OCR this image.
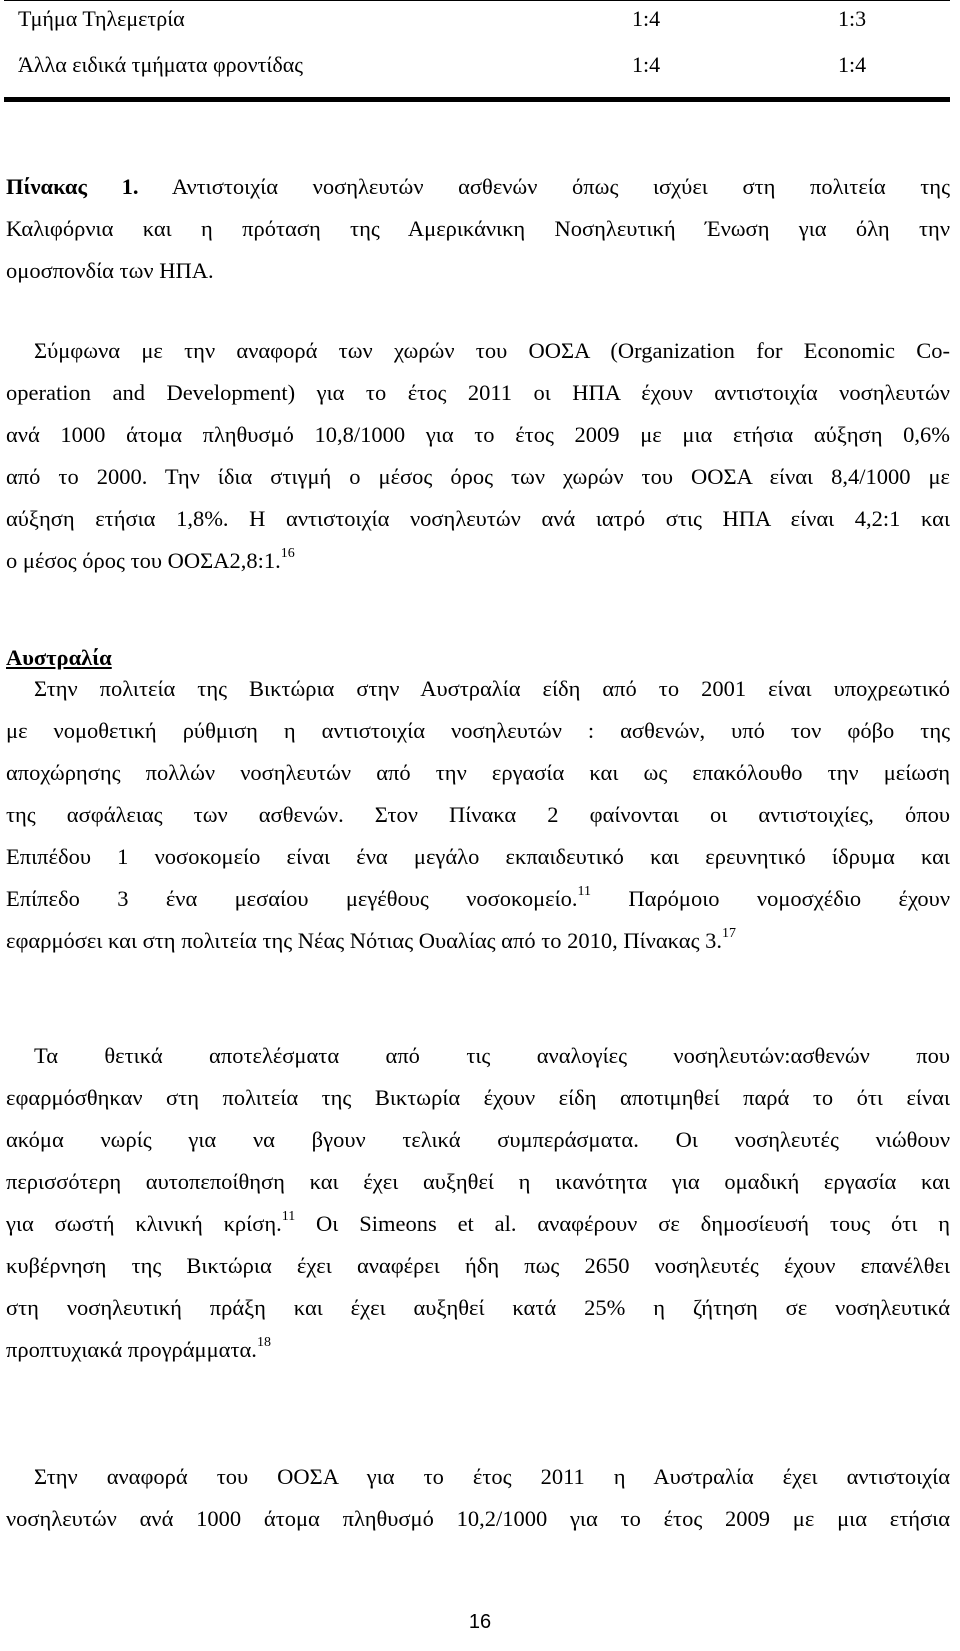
Τμήμα Τηλεμετρία	1:4	1:3
Άλλα ειδικά τμήματα φροντίδας	1:4	1:4
Πίνακας 1. Αντιστοιχία νοσηλευτών ασθενών όπως ισχύει στη πολιτεία της
Καλιφόρνια και η πρόταση της Αμερικάνικη Νοσηλευτική Ένωση για όλη την
ομοσπονδία των ΗΠΑ.
Σύμφωνα με την αναφορά των χωρών του ΟΟΣΑ (Organization for Economic Co-
operation and Development) για το έτος 2011 οι ΗΠΑ έχουν αντιστοιχία νοσηλευτών
ανά 1000 άτομα πληθυσμό 10,8/1000 για το έτος 2009 με μια ετήσια αύξηση 0,6%
από το 2000. Την ίδια στιγμή ο μέσος όρος των χωρών του ΟΟΣΑ είναι 8,4/1000 με
αύξηση ετήσια 1,8%. Η αντιστοιχία νοσηλευτών ανά ιατρό στις ΗΠΑ είναι 4,2:1 και
ο μέσος όρος του ΟΟΣΑ2,8:1.16
Αυστραλία
Στην πολιτεία της Βικτώρια στην Αυστραλία είδη από το 2001 είναι υποχρεωτικό
με νομοθετική ρύθμιση η αντιστοιχία νοσηλευτών : ασθενών, υπό τον φόβο της
αποχώρησης πολλών νοσηλευτών από την εργασία και ως επακόλουθο την μείωση
της ασφάλειας των ασθενών. Στον Πίνακα 2 φαίνονται οι αντιστοιχίες, όπου
Επιπέδου 1 νοσοκομείο είναι ένα μεγάλο εκπαιδευτικό και ερευνητικό ίδρυμα και
Επίπεδο 3 ένα μεσαίου μεγέθους νοσοκομείο.$^{11}$ Παρόμοιο νομοσχέδιο έχουν
εφαρμόσει και στη πολιτεία της Νέας Νότιας Ουαλίας από το 2010, Πίνακας 3.17
Τα θετικά αποτελέσματα από τις αναλογίες νοσηλευτών:ασθενών που
εφαρμόσθηκαν στη πολιτεία της Βικτωρία έχουν είδη αποτιμηθεί παρά το ότι είναι
ακόμα νωρίς για να βγουν τελικά συμπεράσματα. Οι νοσηλευτές νιώθουν
περισσότερη αυτοπεποίθηση και έχει αυξηθεί η ικανότητα για ομαδική εργασία και
για σωστή κλινική κρίση.$^{11}$ Οι Simeons et al. αναφέρουν σε δημοσίευσή τους ότι η
κυβέρνηση της Βικτώρια έχει αναφέρει ήδη πως 2650 νοσηλευτές έχουν επανέλθει
στη νοσηλευτική πράξη και έχει αυξηθεί κατά 25% η ζήτηση σε νοσηλευτικά
προπτυχιακά προγράμματα.$^{18}$
Στην αναφορά του ΟΟΣΑ για το έτος 2011 η Αυστραλία έχει αντιστοιχία
νοσηλευτών ανά 1000 άτομα πληθυσμό 10,2/1000 για το έτος 2009 με μια ετήσια
16
